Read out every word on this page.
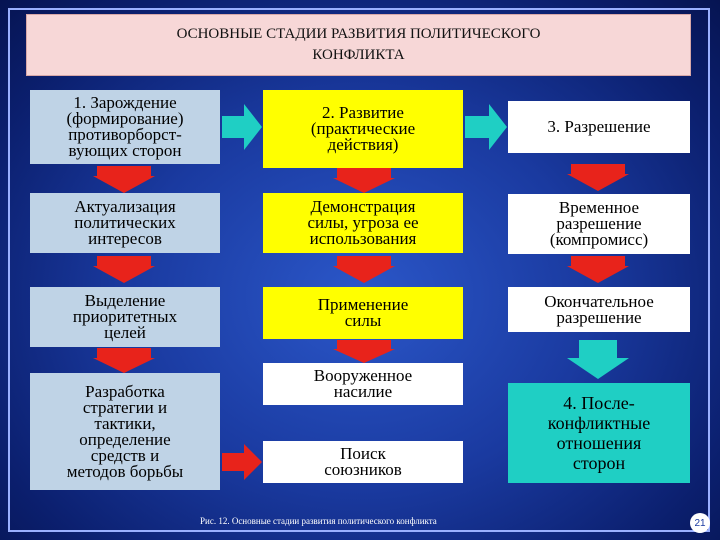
ОСНОВНЫЕ СТАДИИ РАЗВИТИЯ ПОЛИТИЧЕСКОГО
КОНФЛИКТА
1. Зарождение
(формирование)
противорборст-
вующих сторон
Актуализация
политических
интересов
Выделение
приоритетных
целей
Разработка
стратегии и
тактики,
определение
средств и
методов борьбы
2. Развитие
(практические
действия)
Демонстрация
силы, угроза ее
использования
Применение
силы
Вооруженное
насилие
Поиск
союзников
3. Разрешение
Временное
разрешение
(компромисс)
Окончательное
разрешение
4. После-
конфликтные
отношения
сторон
Рис. 12. Основные стадии развития политического конфликта	21
